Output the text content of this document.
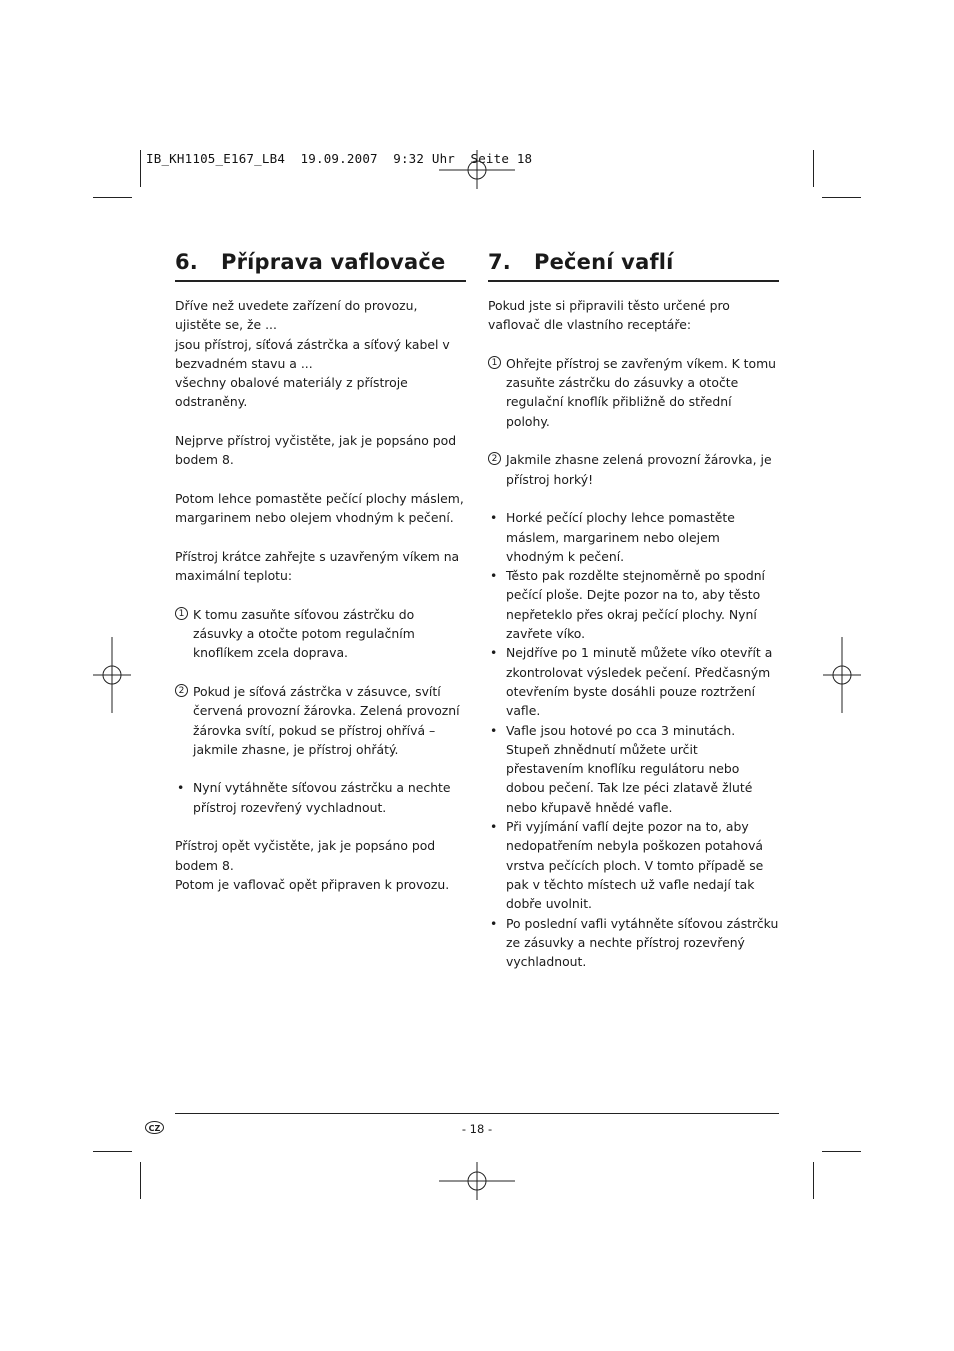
IB_KH1105_E167_LB4  19.09.2007  9:32 Uhr  Seite 18
6.	Příprava vaflovače

Dříve než uvedete zařízení do provozu, ujistěte se, že ...
jsou přístroj, síťová zástrčka a síťový kabel v bezvadném stavu a ...
všechny obalové materiály z přístroje odstraněny.

Nejprve přístroj vyčistěte, jak je popsáno pod bodem 8.

Potom lehce pomastěte pečící plochy máslem, margarinem nebo olejem vhodným k pečení.

Přístroj krátce zahřejte s uzavřeným víkem na maximální teplotu:

1 K tomu zasuňte síťovou zástrčku do zásuvky a otočte potom regulačním knoflíkem zcela doprava.
2 Pokud je síťová zástrčka v zásuvce, svítí červená provozní žárovka. Zelená provozní žárovka svítí, pokud se přístroj ohřívá – jakmile zhasne, je přístroj ohřátý.
• Nyní vytáhněte síťovou zástrčku a nechte přístroj rozevřený vychladnout.

Přístroj opět vyčistěte, jak je popsáno pod bodem 8.
Potom je vaflovač opět připraven k provozu.

7.	Pečení vaflí

Pokud jste si připravili těsto určené pro vaflovač dle vlastního receptáře:

1 Ohřejte přístroj se zavřeným víkem. K tomu zasuňte zástrčku do zásuvky a otočte regulační knoflík přibližně do střední polohy.
2 Jakmile zhasne zelená provozní žárovka, je přístroj horký!
• Horké pečící plochy lehce pomastěte máslem, margarinem nebo olejem vhodným k pečení.
• Těsto pak rozdělte stejnoměrně po spodní pečící ploše. Dejte pozor na to, aby těsto nepřeteklo přes okraj pečící plochy. Nyní zavřete víko.
• Nejdříve po 1 minutě můžete víko otevřít a zkontrolovat výsledek pečení. Předčasným otevřením byste dosáhli pouze roztržení vafle.
• Vafle jsou hotové po cca 3 minutách. Stupeň zhnědnutí můžete určit přestavením knoflíku regulátoru nebo dobou pečení. Tak lze péci zlatavě žluté nebo křupavě hnědé vafle.
• Při vyjímání vaflí dejte pozor na to, aby nedopatřením nebyla poškozen potahová vrstva pečících ploch. V tomto případě se pak v těchto místech už vafle nedají tak dobře uvolnit.
• Po poslední vafli vytáhněte síťovou zástrčku ze zásuvky a nechte přístroj rozevřený vychladnout.
CZ	- 18 -
